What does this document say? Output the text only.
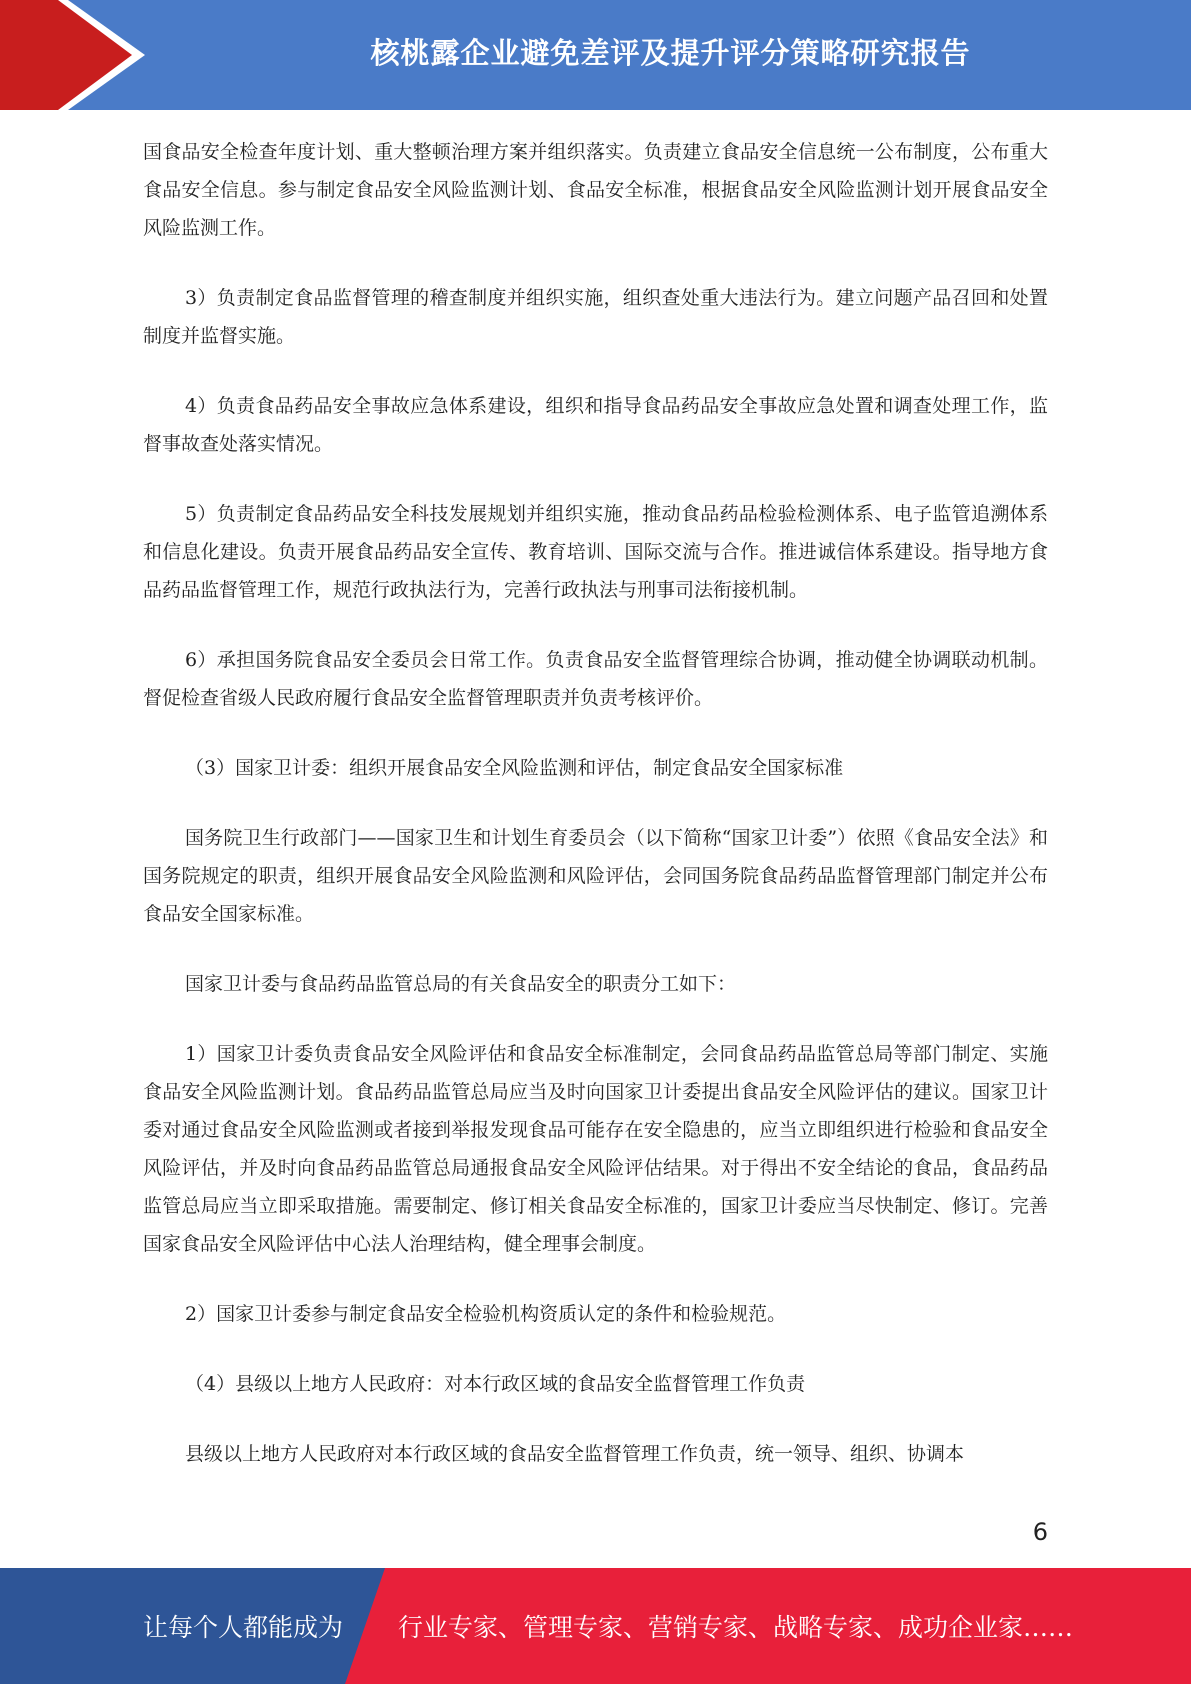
核桃露企业避免差评及提升评分策略研究报告

国食品安全检查年度计划、重大整顿治理方案并组织落实。负责建立食品安全信息统一公布制度，公布重大食品安全信息。参与制定食品安全风险监测计划、食品安全标准，根据食品安全风险监测计划开展食品安全风险监测工作。

3）负责制定食品监督管理的稽查制度并组织实施，组织查处重大违法行为。建立问题产品召回和处置制度并监督实施。

4）负责食品药品安全事故应急体系建设，组织和指导食品药品安全事故应急处置和调查处理工作，监督事故查处落实情况。

5）负责制定食品药品安全科技发展规划并组织实施，推动食品药品检验检测体系、电子监管追溯体系和信息化建设。负责开展食品药品安全宣传、教育培训、国际交流与合作。推进诚信体系建设。指导地方食品药品监督管理工作，规范行政执法行为，完善行政执法与刑事司法衔接机制。

6）承担国务院食品安全委员会日常工作。负责食品安全监督管理综合协调，推动健全协调联动机制。督促检查省级人民政府履行食品安全监督管理职责并负责考核评价。

（3）国家卫计委：组织开展食品安全风险监测和评估，制定食品安全国家标准

国务院卫生行政部门——国家卫生和计划生育委员会（以下简称“国家卫计委”）依照《食品安全法》和国务院规定的职责，组织开展食品安全风险监测和风险评估，会同国务院食品药品监督管理部门制定并公布食品安全国家标准。

国家卫计委与食品药品监管总局的有关食品安全的职责分工如下：

1）国家卫计委负责食品安全风险评估和食品安全标准制定，会同食品药品监管总局等部门制定、实施食品安全风险监测计划。食品药品监管总局应当及时向国家卫计委提出食品安全风险评估的建议。国家卫计委对通过食品安全风险监测或者接到举报发现食品可能存在安全隐患的，应当立即组织进行检验和食品安全风险评估，并及时向食品药品监管总局通报食品安全风险评估结果。对于得出不安全结论的食品，食品药品监管总局应当立即采取措施。需要制定、修订相关食品安全标准的，国家卫计委应当尽快制定、修订。完善国家食品安全风险评估中心法人治理结构，健全理事会制度。

2）国家卫计委参与制定食品安全检验机构资质认定的条件和检验规范。

（4）县级以上地方人民政府：对本行政区域的食品安全监督管理工作负责

县级以上地方人民政府对本行政区域的食品安全监督管理工作负责，统一领导、组织、协调本

6
让每个人都能成为 行业专家、管理专家、营销专家、战略专家、成功企业家……
